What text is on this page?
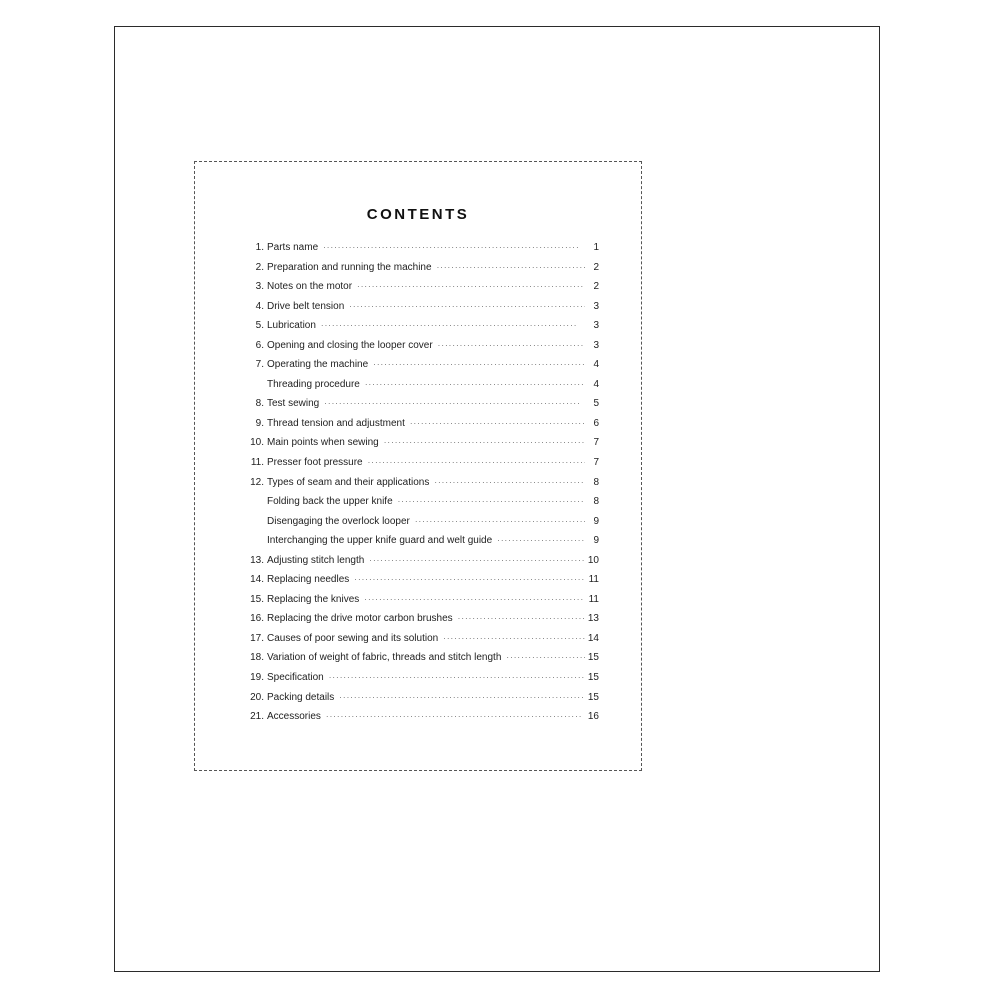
CONTENTS
1. Parts name ·····	1
2. Preparation and running the machine ·····	2
3. Notes on the motor ·····	2
4. Drive belt tension ·····	3
5. Lubrication ·····	3
6. Opening and closing the looper cover ·····	3
7. Operating the machine ·····	4
Threading procedure ·····	4
8. Test sewing ·····	5
9. Thread tension and adjustment ·····	6
10. Main points when sewing ·····	7
11. Presser foot pressure ·····	7
12. Types of seam and their applications ·····	8
Folding back the upper knife ·····	8
Disengaging the overlock looper ·····	9
Interchanging the upper knife guard and welt guide ·····	9
13. Adjusting stitch length ·····	10
14. Replacing needles ·····	11
15. Replacing the knives ·····	11
16. Replacing the drive motor carbon brushes ·····	13
17. Causes of poor sewing and its solution ·····	14
18. Variation of weight of fabric, threads and stitch length ·····	15
19. Specification ·····	15
20. Packing details ·····	15
21. Accessories ·····	16
